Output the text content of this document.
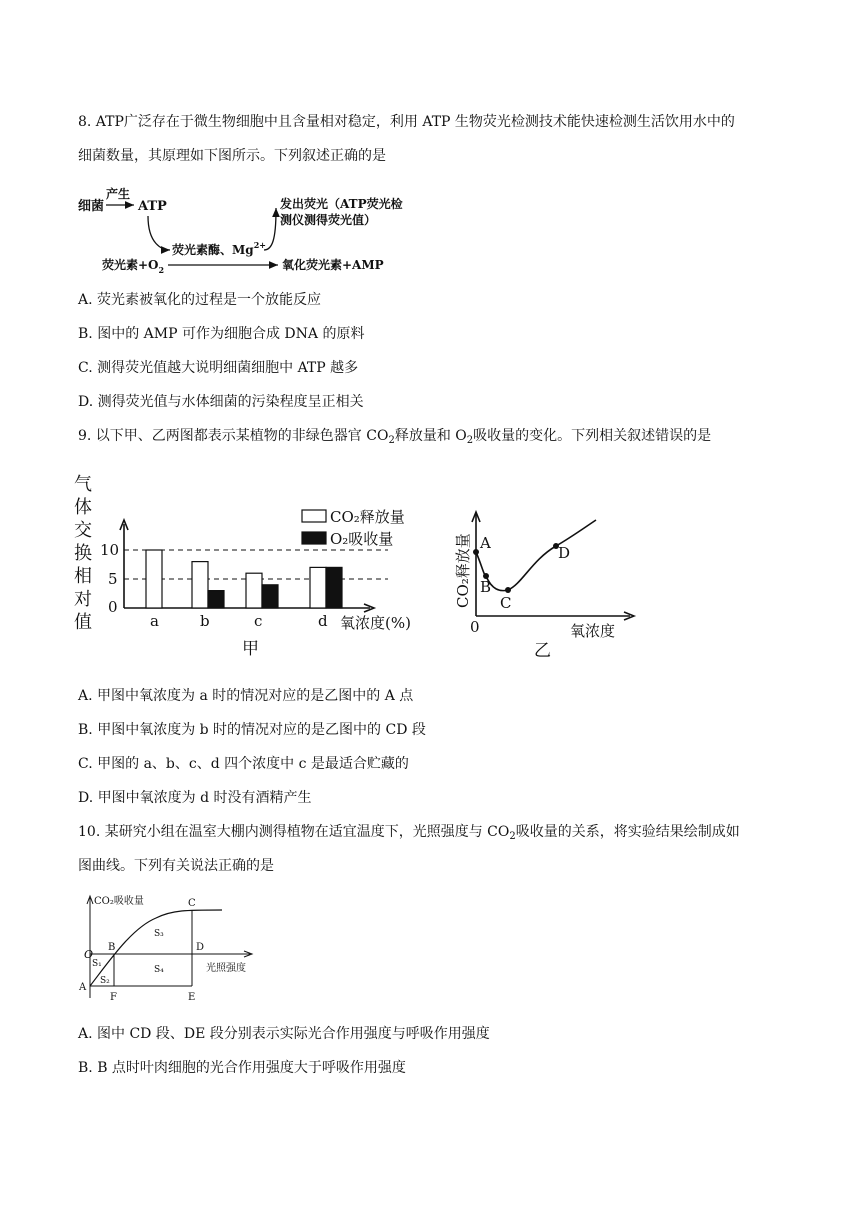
8. ATP广泛存在于微生物细胞中且含量相对稳定，利用 ATP 生物荧光检测技术能快速检测生活饮用水中的
细菌数量，其原理如下图所示。下列叙述正确的是
细菌
产生
ATP
荧光素酶、$Mg^{2+}$
发出荧光（ATP荧光检
测仪测得荧光值）
荧光素$+O_2$	氧化荧光素+AMP
A. 荧光素被氧化的过程是一个放能反应
B. 图中的 AMP 可作为细胞合成 DNA 的原料
C. 测得荧光值越大说明细菌细胞中 ATP 越多
D. 测得荧光值与水体细菌的污染程度呈正相关
9. 以下甲、乙两图都表示某植物的非绿色器官 $CO_2$释放量和 $O_2$吸收量的变化。下列相关叙述错误的是
气
体
交
换
相
对
值
10
5
0
CO₂释放量
O₂吸收量
a	b	c	d 氧浓度(%)
甲
CO₂释放量 A
B
C
D
0	氧浓度
乙
A. 甲图中氧浓度为 a 时的情况对应的是乙图中的 A 点
B. 甲图中氧浓度为 b 时的情况对应的是乙图中的 CD 段
C. 甲图的 a、b、c、d 四个浓度中 c 是最适合贮藏的
D. 甲图中氧浓度为 d 时没有酒精产生
10. 某研究小组在温室大棚内测得植物在适宜温度下，光照强度与 $CO_2$吸收量的关系，将实验结果绘制成如
图曲线。下列有关说法正确的是
CO₂吸收量
光照强度
O
A
B
C
D
E
F
S₁
S₂
S₃
S₄
A. 图中 CD 段、DE 段分别表示实际光合作用强度与呼吸作用强度
B. B 点时叶肉细胞的光合作用强度大于呼吸作用强度
